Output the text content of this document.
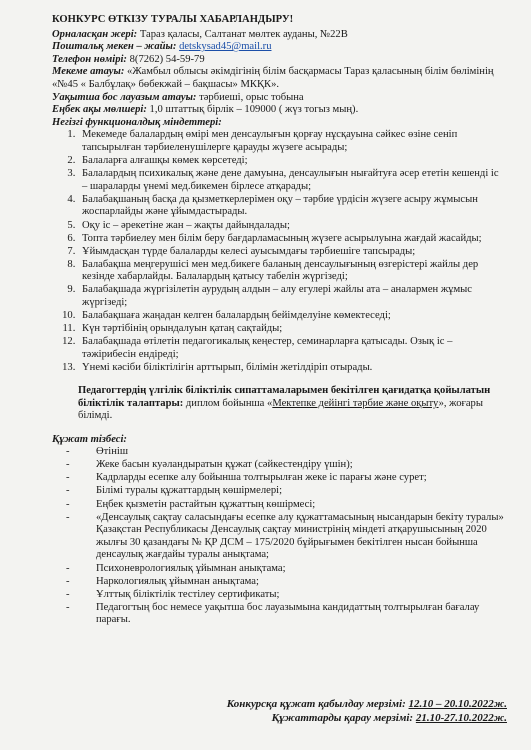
КОНКУРС ӨТКІЗУ ТУРАЛЫ ХАБАРЛАНДЫРУ!

Орналасқан жері: Тараз қаласы, Салтанат мөлтек ауданы, №22В

Поштальқ мекен – жайы: detskysad45@mail.ru

Телефон нөмірі: 8(7262) 54-59-79

Мекеме атауы: «Жамбыл облысы әкімдігінің білім басқармасы Тараз қаласының білім бөлімінің «№45 « Балбұлақ» бөбекжай – бақшасы» МКҚК».

Уақытша бос лауазым атауы: тәрбиеші, орыс тобына

Еңбек ақы мөлшері: 1,0 штаттық бірлік – 109000 ( жүз тогыз мың).

Негізгі функционалдық міндеттері:

1. Мекемеде балалардың өмірі мен денсаулығын қорғау нұсқауына сәйкес өзіне сеніп тапсырылған тәрбиеленушілерге қарауды жүзеге асырады;
2. Балаларға алғашқы көмек көрсетеді;
3. Балалардың психикалық және дене дамуына, денсаулығын нығайтуға әсер ететін кешенді іс – шараларды үнемі мед.бикемен бірлесе атқарады;
4. Балабақшаның басқа да қызметкерлерімен оқу – тәрбие үрдісін жүзеге асыру жұмысын жоспарлайды және ұйымдастырады.
5. Оқу іс – әрекетіне жан – жақты дайындалады;
6. Топта тәрбиелеу мен білім беру бағдарламасының жүзеге асырылуына жағдай жасайды;
7. Ұйымдасқан түрде балаларды келесі ауысымдағы тәрбиешіге тапсырады;
8. Балабақша меңгерушісі мен мед.бикеге баланың денсаулығының өзгерістері жайлы дер кезінде хабарлайды. Балалардың қатысу табелін жүргізеді;
9. Балабақшада жүргізілетін аурудың алдын – алу егулері жайлы ата – аналармен жұмыс жүргізеді;
10. Балабақшаға жаңадан келген балалардың бейімделуіне көмектеседі;
11. Күн тәртібінің орындалуын қатаң сақтайды;
12. Балабақшада өтілетін педагогикалық кеңестер, семинарларға қатысады. Озық іс – тәжірибесін ендіреді;
13. Үнемі кәсіби біліктілігін арттырып, білімін жетілдіріп отырады.

Педагогтердің үлгілік біліктілік сипаттамаларымен бекітілген қағидатқа қойылатын біліктілік талаптары: диплом бойынша «Мектепке дейінгі тәрбие және оқыту», жоғары білімді.

Құжат тізбесі:

- Өтініш
- Жеке басын куәландыратын құжат (сәйкестендіру үшін);
- Кадрларды есепке алу бойынша толтырылған жеке іс парағы және сурет;
- Білімі туралы құжаттардың көшірмелері;
- Еңбек қызметін растайтын құжаттың көшірмесі;
- «Денсаулық сақтау саласындағы есепке алу құжаттамасының нысандарын бекіту туралы» Қазақстан Республикасы Денсаулық сақтау министрінің міндеті атқарушысының 2020 жылғы 30 қазандағы № ҚР ДСМ – 175/2020 бұйрығымен бекітілген нысан бойынша денсаулық жағдайы туралы анықтама;
- Психоневрологиялық ұйымнан анықтама;
- Наркологиялық ұйымнан анықтама;
- Ұлттық біліктілік тестілеу сертификаты;
- Педагогтың бос немесе уақытша бос лауазымына кандидаттың толтырылған бағалау парағы.
Конкурсқа құжат қабылдау мерзімі: 12.10 – 20.10.2022ж.
Құжаттарды қарау мерзімі: 21.10-27.10.2022ж.
